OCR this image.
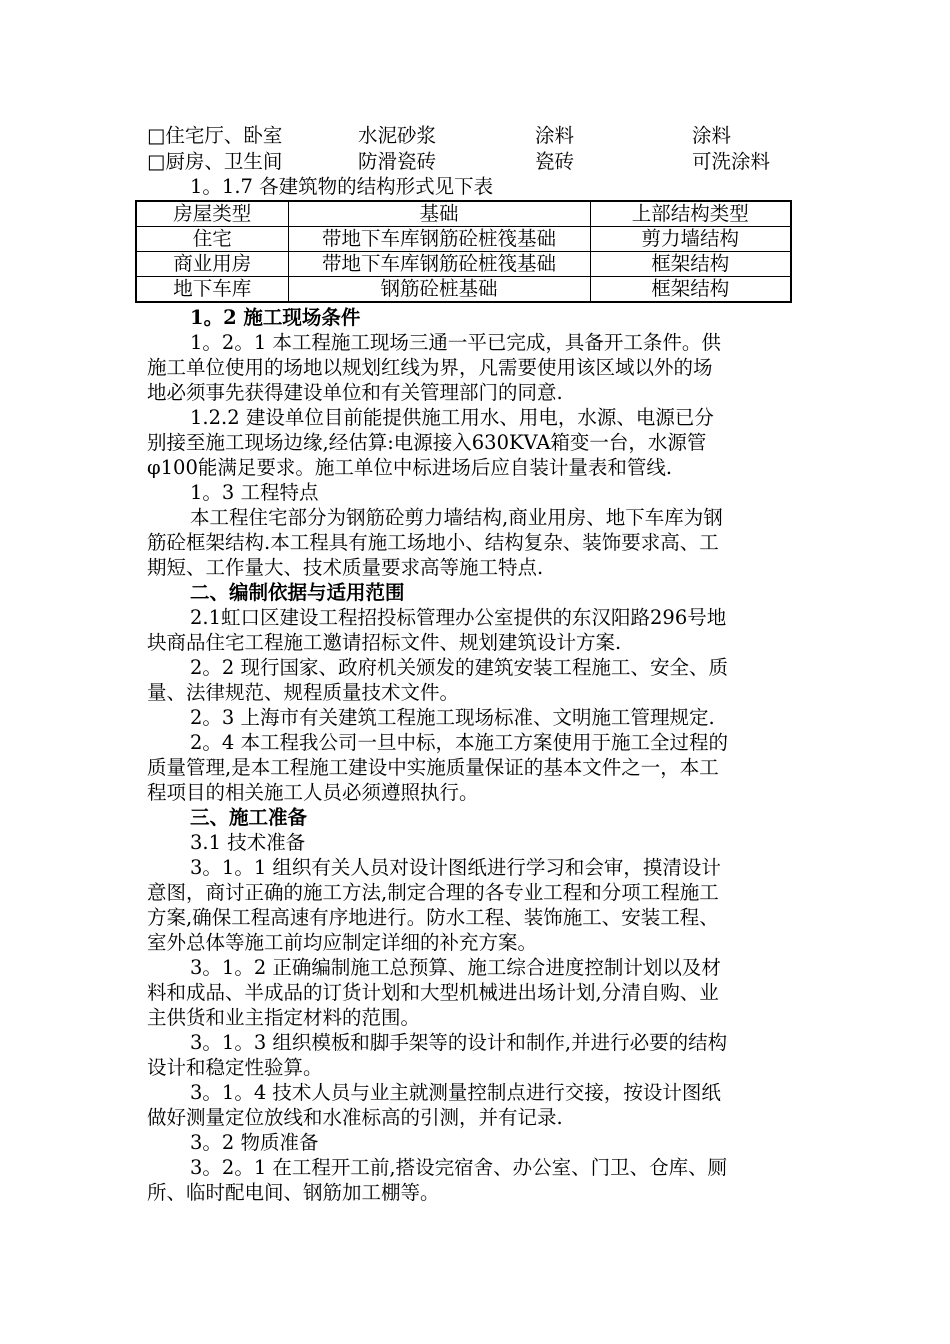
□住宅厅、卧室	水泥砂浆	涂料	涂料
□厨房、卫生间	防滑瓷砖	瓷砖	可洗涂料
1。1.7 各建筑物的结构形式见下表
房屋类型	基础	上部结构类型
住宅	带地下车库钢筋砼桩筏基础	剪力墙结构
商业用房	带地下车库钢筋砼桩筏基础	框架结构
地下车库	钢筋砼桩基础	框架结构
1。2 施工现场条件
1。2。1 本工程施工现场三通一平已完成，具备开工条件。供
施工单位使用的场地以规划红线为界，凡需要使用该区域以外的场
地必须事先获得建设单位和有关管理部门的同意.
1.2.2 建设单位目前能提供施工用水、用电，水源、电源已分
别接至施工现场边缘,经估算:电源接入630KVA箱变一台，水源管
φ100能满足要求。施工单位中标进场后应自装计量表和管线.
1。3 工程特点
本工程住宅部分为钢筋砼剪力墙结构,商业用房、地下车库为钢
筋砼框架结构.本工程具有施工场地小、结构复杂、装饰要求高、工
期短、工作量大、技术质量要求高等施工特点.
二、编制依据与适用范围
2.1虹口区建设工程招投标管理办公室提供的东汉阳路296号地
块商品住宅工程施工邀请招标文件、规划建筑设计方案.
2。2 现行国家、政府机关颁发的建筑安装工程施工、安全、质
量、法律规范、规程质量技术文件。
2。3 上海市有关建筑工程施工现场标准、文明施工管理规定.
2。4 本工程我公司一旦中标，本施工方案使用于施工全过程的
质量管理,是本工程施工建设中实施质量保证的基本文件之一，本工
程项目的相关施工人员必须遵照执行。
三、施工准备
3.1 技术准备
3。1。1 组织有关人员对设计图纸进行学习和会审，摸清设计
意图，商讨正确的施工方法,制定合理的各专业工程和分项工程施工
方案,确保工程高速有序地进行。防水工程、装饰施工、安装工程、
室外总体等施工前均应制定详细的补充方案。
3。1。2 正确编制施工总预算、施工综合进度控制计划以及材
料和成品、半成品的订货计划和大型机械进出场计划,分清自购、业
主供货和业主指定材料的范围。
3。1。3 组织模板和脚手架等的设计和制作,并进行必要的结构
设计和稳定性验算。
3。1。4 技术人员与业主就测量控制点进行交接，按设计图纸
做好测量定位放线和水准标高的引测，并有记录.
3。2 物质准备
3。2。1 在工程开工前,搭设完宿舍、办公室、门卫、仓库、厕
所、临时配电间、钢筋加工棚等。
